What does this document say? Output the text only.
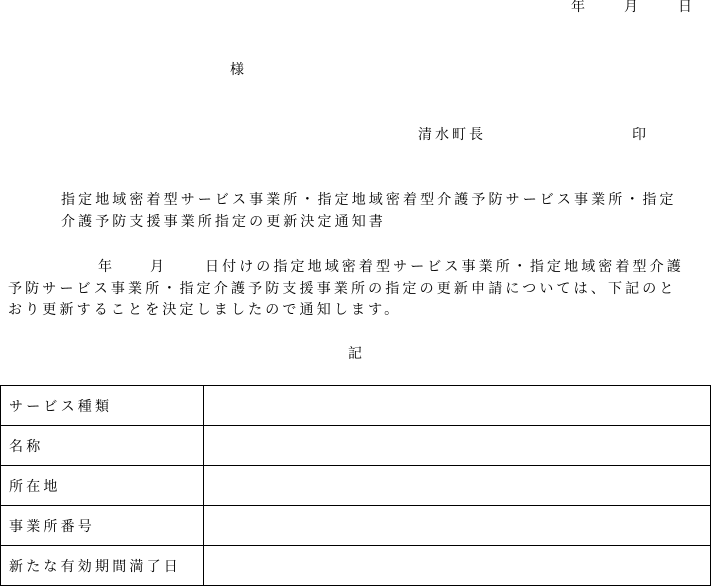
年	月	日
様
清水町長	印
指定地域密着型サービス事業所・指定地域密着型介護予防サービス事業所・指定
介護予防支援事業所指定の更新決定通知書
年	月	日付けの指定地域密着型サービス事業所・指定地域密着型介護
予防サービス事業所・指定介護予防支援事業所の指定の更新申請については、下記のと
おり更新することを決定しましたので通知します。
記
サービス種類	
名称	
所在地	
事業所番号	
新たな有効期間満了日	
